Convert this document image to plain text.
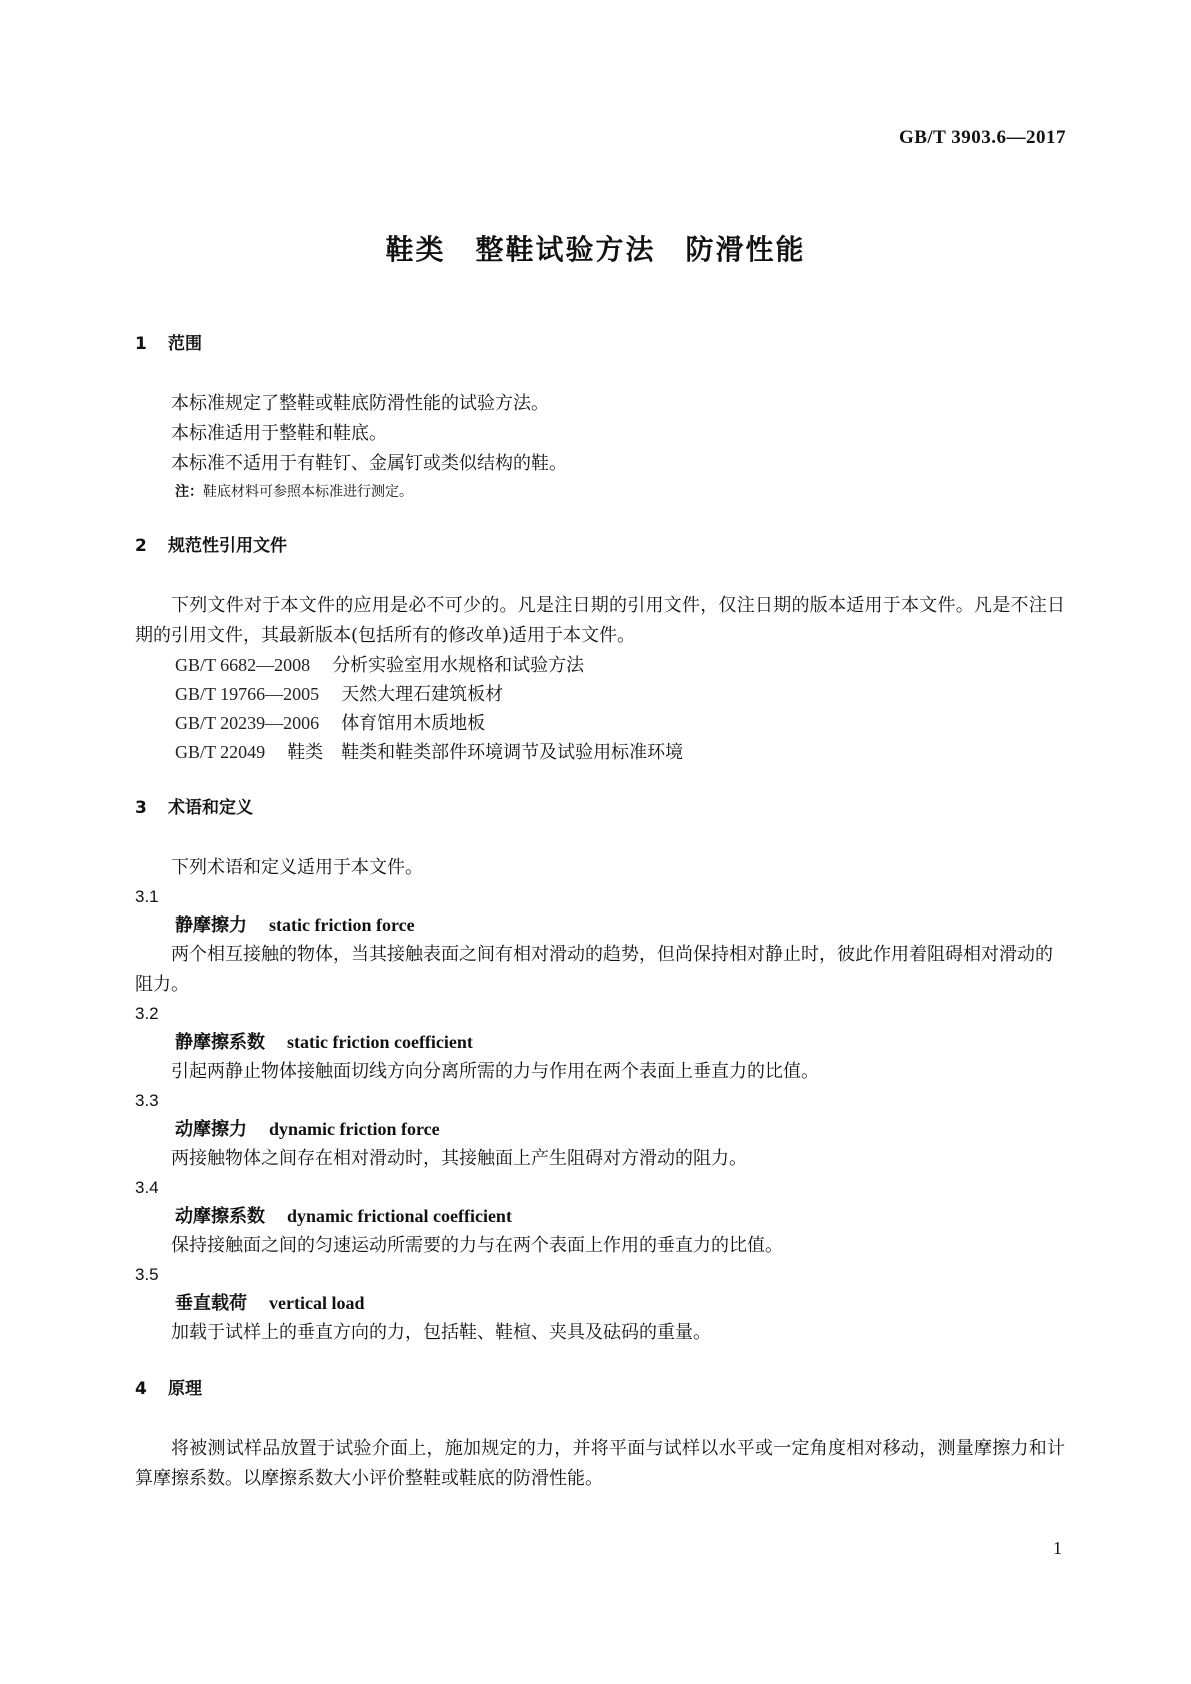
GB/T 3903.6—2017
鞋类　整鞋试验方法　防滑性能
1 范围

本标准规定了整鞋或鞋底防滑性能的试验方法。

本标准适用于整鞋和鞋底。

本标准不适用于有鞋钉、金属钉或类似结构的鞋。

注：鞋底材料可参照本标准进行测定。

2 规范性引用文件

下列文件对于本文件的应用是必不可少的。凡是注日期的引用文件，仅注日期的版本适用于本文件。凡是不注日期的引用文件，其最新版本(包括所有的修改单)适用于本文件。

GB/T 6682—2008 分析实验室用水规格和试验方法
GB/T 19766—2005 天然大理石建筑板材
GB/T 20239—2006 体育馆用木质地板
GB/T 22049 鞋类　鞋类和鞋类部件环境调节及试验用标准环境
3 术语和定义

下列术语和定义适用于本文件。

3.1

静摩擦力 static friction force

两个相互接触的物体，当其接触表面之间有相对滑动的趋势，但尚保持相对静止时，彼此作用着阻碍相对滑动的阻力。

3.2

静摩擦系数 static friction coefficient

引起两静止物体接触面切线方向分离所需的力与作用在两个表面上垂直力的比值。

3.3

动摩擦力 dynamic friction force

两接触物体之间存在相对滑动时，其接触面上产生阻碍对方滑动的阻力。

3.4

动摩擦系数 dynamic frictional coefficient

保持接触面之间的匀速运动所需要的力与在两个表面上作用的垂直力的比值。

3.5

垂直载荷 vertical load

加载于试样上的垂直方向的力，包括鞋、鞋楦、夹具及砝码的重量。

4 原理

将被测试样品放置于试验介面上，施加规定的力，并将平面与试样以水平或一定角度相对移动，测量摩擦力和计算摩擦系数。以摩擦系数大小评价整鞋或鞋底的防滑性能。

1
